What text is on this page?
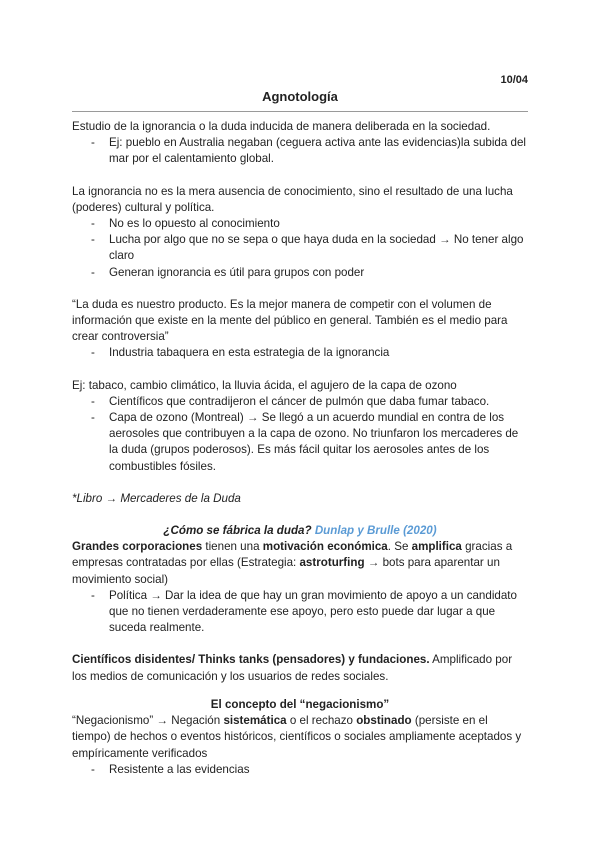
10/04
Agnotología

Estudio de la ignorancia o la duda inducida de manera deliberada en la sociedad.

- Ej: pueblo en Australia negaban (ceguera activa ante las evidencias)la subida del mar por el calentamiento global.

La ignorancia no es la mera ausencia de conocimiento, sino el resultado de una lucha (poderes) cultural y política.

- No es lo opuesto al conocimiento
- Lucha por algo que no se sepa o que haya duda en la sociedad → No tener algo claro
- Generan ignorancia es útil para grupos con poder

“La duda es nuestro producto. Es la mejor manera de competir con el volumen de información que existe en la mente del público en general. También es el medio para crear controversia”

- Industria tabaquera en esta estrategia de la ignorancia

Ej: tabaco, cambio climático, la lluvia ácida, el agujero de la capa de ozono

- Científicos que contradijeron el cáncer de pulmón que daba fumar tabaco.
- Capa de ozono (Montreal) → Se llegó a un acuerdo mundial en contra de los aerosoles que contribuyen a la capa de ozono. No triunfaron los mercaderes de la duda (grupos poderosos). Es más fácil quitar los aerosoles antes de los combustibles fósiles.

*Libro → Mercaderes de la Duda

¿Cómo se fábrica la duda? Dunlap y Brulle (2020)

Grandes corporaciones tienen una motivación económica. Se amplifica gracias a empresas contratadas por ellas (Estrategia: astroturfing → bots para aparentar un movimiento social)

- Política → Dar la idea de que hay un gran movimiento de apoyo a un candidato que no tienen verdaderamente ese apoyo, pero esto puede dar lugar a que suceda realmente.

Científicos disidentes/ Thinks tanks (pensadores) y fundaciones. Amplificado por los medios de comunicación y los usuarios de redes sociales.

El concepto del “negacionismo”

“Negacionismo” → Negación sistemática o el rechazo obstinado (persiste en el tiempo) de hechos o eventos históricos, científicos o sociales ampliamente aceptados y empíricamente verificados

- Resistente a las evidencias
